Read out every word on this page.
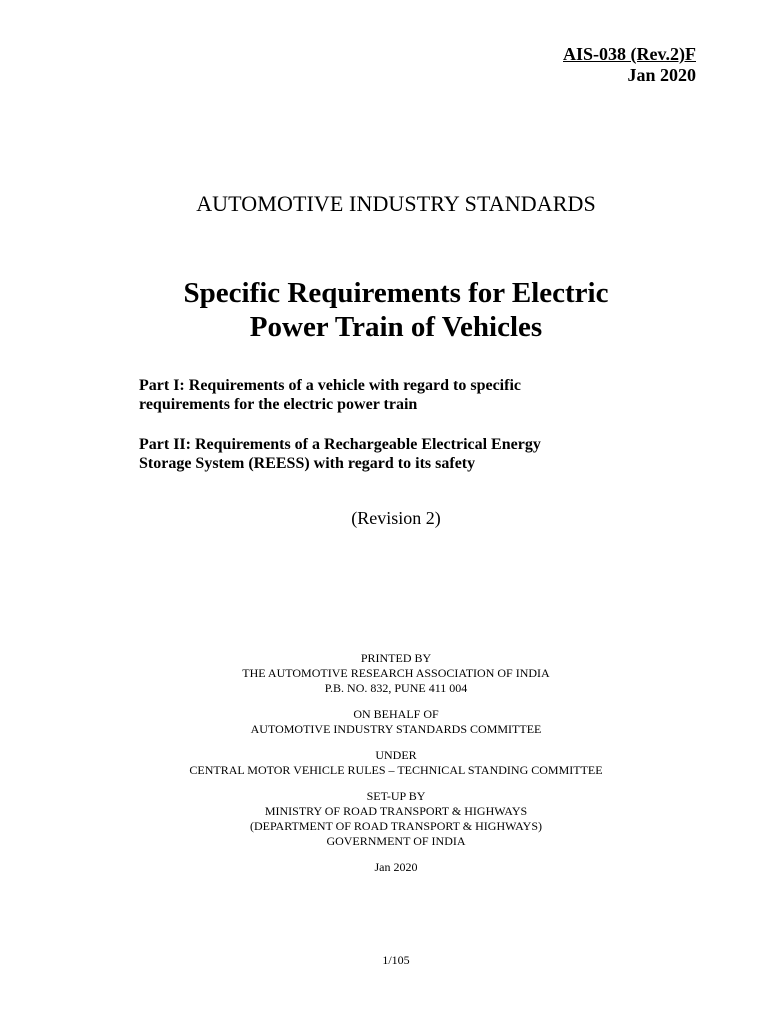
AIS-038 (Rev.2)F
Jan 2020
AUTOMOTIVE INDUSTRY STANDARDS
Specific Requirements for Electric
Power Train of Vehicles
Part I: Requirements of a vehicle with regard to specific
requirements for the electric power train
Part II: Requirements of a Rechargeable Electrical Energy
Storage System (REESS) with regard to its safety
(Revision 2)
PRINTED BY
THE AUTOMOTIVE RESEARCH ASSOCIATION OF INDIA
P.B. NO. 832, PUNE 411 004
ON BEHALF OF
AUTOMOTIVE INDUSTRY STANDARDS COMMITTEE
UNDER
CENTRAL MOTOR VEHICLE RULES – TECHNICAL STANDING COMMITTEE
SET-UP BY
MINISTRY OF ROAD TRANSPORT & HIGHWAYS
(DEPARTMENT OF ROAD TRANSPORT & HIGHWAYS)
GOVERNMENT OF INDIA
Jan 2020
1/105
